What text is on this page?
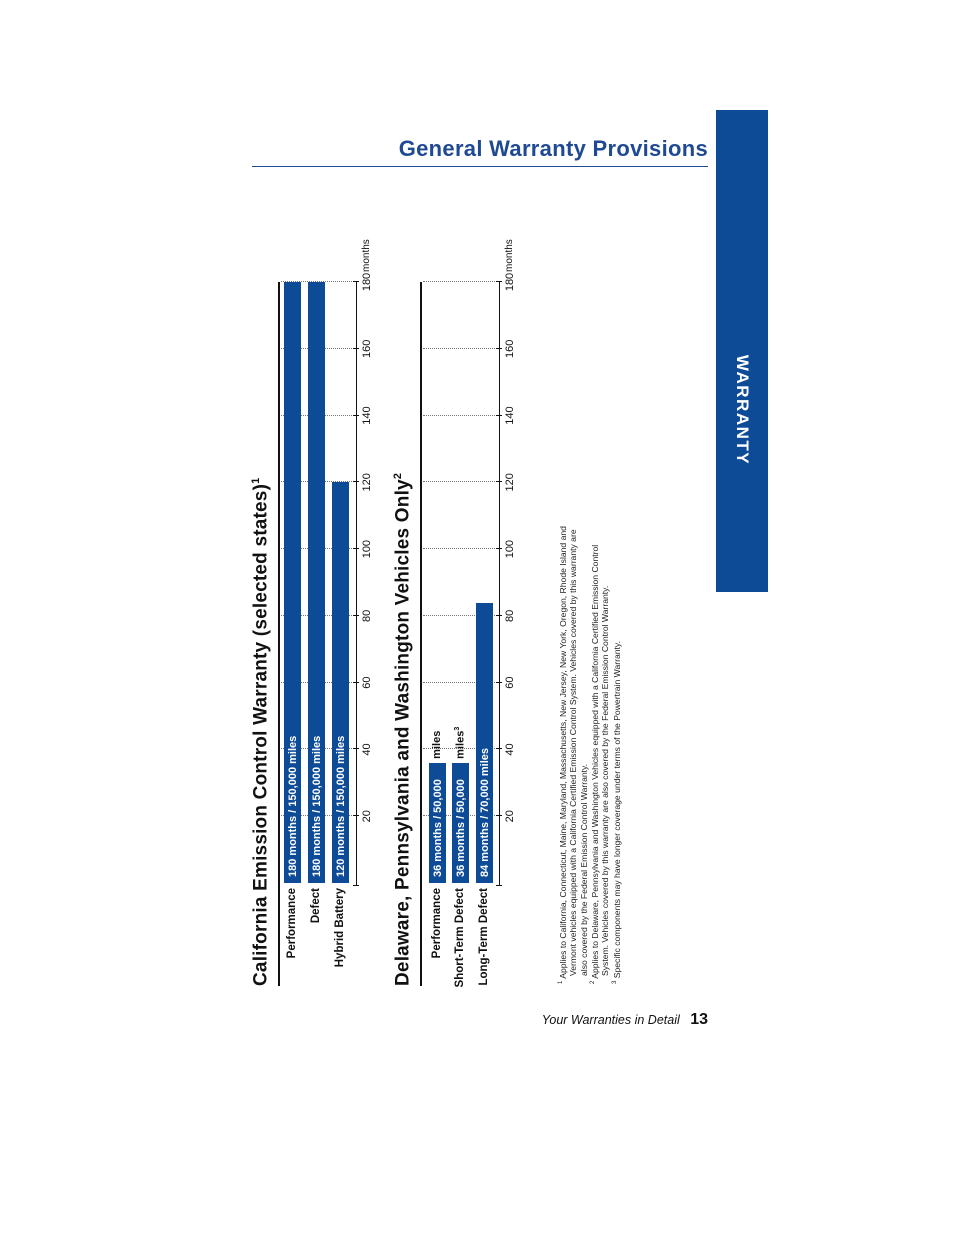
General Warranty Provisions
WARRANTY
California Emission Control Warranty (selected states)$^1$
Performance
180 months / 150,000 miles
Defect
180 months / 150,000 miles
Hybrid Battery
120 months / 150,000 miles 20
40
60
80
100
120
140
160
180
months
Delaware, Pennsylvania and Washington Vehicles Only$^2$
Performance
36 months / 50,000
miles
Short-Term Defect
36 months / 50,000
miles$^3$
Long-Term Defect
84 months / 70,000 miles 20
40
60
80
100
120
140
160
180
months

$^1$ Applies to California, Connecticut, Maine, Maryland, Massachusetts, New Jersey, New York, Oregon, Rhode Island and Vermont vehicles equipped with a California Certified Emission Control System. Vehicles covered by this warranty are also covered by the Federal Emission Control Warranty.

$^2$ Applies to Delaware, Pennsylvania and Washington Vehicles equipped with a California Certified Emission Control System. Vehicles covered by this warranty are also covered by the Federal Emission Control Warranty.

$^3$ Specific components may have longer coverage under terms of the Powertrain Warranty.

Your Warranties in Detail 13
